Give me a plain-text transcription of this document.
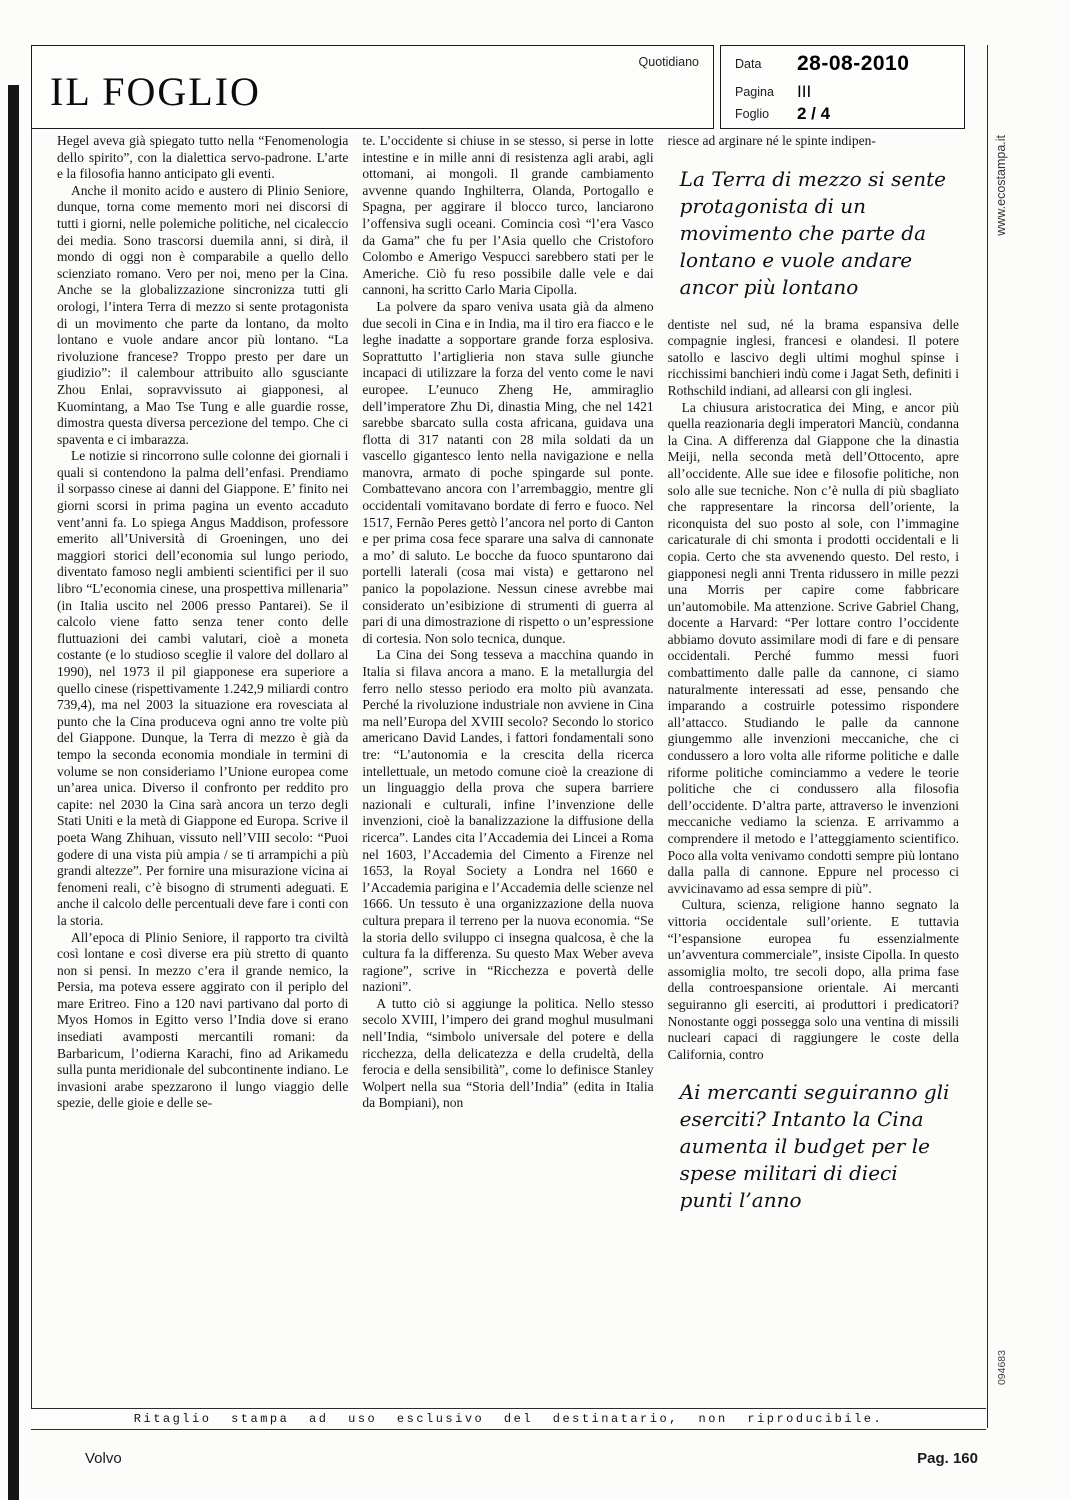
IL FOGLIO
Quotidiano	Data 28-08-2010
Pagina III
Foglio 2 / 4

Hegel aveva già spiegato tutto nella “Fenomenologia dello spirito”, con la dialettica servo-padrone. L’arte e la filosofia hanno anticipato gli eventi.

Anche il monito acido e austero di Plinio Seniore, dunque, torna come memento mori nei discorsi di tutti i giorni, nelle polemiche politiche, nel cicaleccio dei media. Sono trascorsi duemila anni, si dirà, il mondo di oggi non è comparabile a quello dello scienziato romano. Vero per noi, meno per la Cina. Anche se la globalizzazione sincronizza tutti gli orologi, l’intera Terra di mezzo si sente protagonista di un movimento che parte da lontano, da molto lontano e vuole andare ancor più lontano. “La rivoluzione francese? Troppo presto per dare un giudizio”: il calembour attribuito allo sgusciante Zhou Enlai, sopravvissuto ai giapponesi, al Kuomintang, a Mao Tse Tung e alle guardie rosse, dimostra questa diversa percezione del tempo. Che ci spaventa e ci imbarazza.

Le notizie si rincorrono sulle colonne dei giornali i quali si contendono la palma dell’enfasi. Prendiamo il sorpasso cinese ai danni del Giappone. E’ finito nei giorni scorsi in prima pagina un evento accaduto vent’anni fa. Lo spiega Angus Maddison, professore emerito all’Università di Groeningen, uno dei maggiori storici dell’economia sul lungo periodo, diventato famoso negli ambienti scientifici per il suo libro “L’economia cinese, una prospettiva millenaria” (in Italia uscito nel 2006 presso Pantarei). Se il calcolo viene fatto senza tener conto delle fluttuazioni dei cambi valutari, cioè a moneta costante (e lo studioso sceglie il valore del dollaro al 1990), nel 1973 il pil giapponese era superiore a quello cinese (rispettivamente 1.242,9 miliardi contro 739,4), ma nel 2003 la situazione era rovesciata al punto che la Cina produceva ogni anno tre volte più del Giappone. Dunque, la Terra di mezzo è già da tempo la seconda economia mondiale in termini di volume se non consideriamo l’Unione europea come un’area unica. Diverso il confronto per reddito pro capite: nel 2030 la Cina sarà ancora un terzo degli Stati Uniti e la metà di Giappone ed Europa. Scrive il poeta Wang Zhihuan, vissuto nell’VIII secolo: “Puoi godere di una vista più ampia / se ti arrampichi a più grandi altezze”. Per fornire una misurazione vicina ai fenomeni reali, c’è bisogno di strumenti adeguati. E anche il calcolo delle percentuali deve fare i conti con la storia.

All’epoca di Plinio Seniore, il rapporto tra civiltà così lontane e così diverse era più stretto di quanto non si pensi. In mezzo c’era il grande nemico, la Persia, ma poteva essere aggirato con il periplo del mare Eritreo. Fino a 120 navi partivano dal porto di Myos Homos in Egitto verso l’India dove si erano insediati avamposti mercantili romani: da Barbaricum, l’odierna Karachi, fino ad Arikamedu sulla punta meridionale del subcontinente indiano. Le invasioni arabe spezzarono il lungo viaggio delle spezie, delle gioie e delle se-

te. L’occidente si chiuse in se stesso, si perse in lotte intestine e in mille anni di resistenza agli arabi, agli ottomani, ai mongoli. Il grande cambiamento avvenne quando Inghilterra, Olanda, Portogallo e Spagna, per aggirare il blocco turco, lanciarono l’offensiva sugli oceani. Comincia così “l’era Vasco da Gama” che fu per l’Asia quello che Cristoforo Colombo e Amerigo Vespucci sarebbero stati per le Americhe. Ciò fu reso possibile dalle vele e dai cannoni, ha scritto Carlo Maria Cipolla.

La polvere da sparo veniva usata già da almeno due secoli in Cina e in India, ma il tiro era fiacco e le leghe inadatte a sopportare grande forza esplosiva. Soprattutto l’artiglieria non stava sulle giunche incapaci di utilizzare la forza del vento come le navi europee. L’eunuco Zheng He, ammiraglio dell’imperatore Zhu Di, dinastia Ming, che nel 1421 sarebbe sbarcato sulla costa africana, guidava una flotta di 317 natanti con 28 mila soldati da un vascello gigantesco lento nella navigazione e nella manovra, armato di poche spingarde sul ponte. Combattevano ancora con l’arrembaggio, mentre gli occidentali vomitavano bordate di ferro e fuoco. Nel 1517, Fernão Peres gettò l’ancora nel porto di Canton e per prima cosa fece sparare una salva di cannonate a mo’ di saluto. Le bocche da fuoco spuntarono dai portelli laterali (cosa mai vista) e gettarono nel panico la popolazione. Nessun cinese avrebbe mai considerato un’esibizione di strumenti di guerra al pari di una dimostrazione di rispetto o un’espressione di cortesia. Non solo tecnica, dunque.

La Cina dei Song tesseva a macchina quando in Italia si filava ancora a mano. E la metallurgia del ferro nello stesso periodo era molto più avanzata. Perché la rivoluzione industriale non avviene in Cina ma nell’Europa del XVIII secolo? Secondo lo storico americano David Landes, i fattori fondamentali sono tre: “L’autonomia e la crescita della ricerca intellettuale, un metodo comune cioè la creazione di un linguaggio della prova che supera barriere nazionali e culturali, infine l’invenzione delle invenzioni, cioè la banalizzazione la diffusione della ricerca”. Landes cita l’Accademia dei Lincei a Roma nel 1603, l’Accademia del Cimento a Firenze nel 1653, la Royal Society a Londra nel 1660 e l’Accademia parigina e l’Accademia delle scienze nel 1666. Un tessuto è una organizzazione della nuova cultura prepara il terreno per la nuova economia. “Se la storia dello sviluppo ci insegna qualcosa, è che la cultura fa la differenza. Su questo Max Weber aveva ragione”, scrive in “Ricchezza e povertà delle nazioni”.

A tutto ciò si aggiunge la politica. Nello stesso secolo XVIII, l’impero dei grand moghul musulmani nell’India, “simbolo universale del potere e della ricchezza, della delicatezza e della crudeltà, della ferocia e della sensibilità”, come lo definisce Stanley Wolpert nella sua “Storia dell’India” (edita in Italia da Bompiani), non

riesce ad arginare né le spinte indipen-

La Terra di mezzo si sente protagonista di un movimento che parte da lontano e vuole andare ancor più lontano

dentiste nel sud, né la brama espansiva delle compagnie inglesi, francesi e olandesi. Il potere satollo e lascivo degli ultimi moghul spinse i ricchissimi banchieri indù come i Jagat Seth, definiti i Rothschild indiani, ad allearsi con gli inglesi.

La chiusura aristocratica dei Ming, e ancor più quella reazionaria degli imperatori Manciù, condanna la Cina. A differenza dal Giappone che la dinastia Meiji, nella seconda metà dell’Ottocento, apre all’occidente. Alle sue idee e filosofie politiche, non solo alle sue tecniche. Non c’è nulla di più sbagliato che rappresentare la rincorsa dell’oriente, la riconquista del suo posto al sole, con l’immagine caricaturale di chi smonta i prodotti occidentali e li copia. Certo che sta avvenendo questo. Del resto, i giapponesi negli anni Trenta ridussero in mille pezzi una Morris per capire come fabbricare un’automobile. Ma attenzione. Scrive Gabriel Chang, docente a Harvard: “Per lottare contro l’occidente abbiamo dovuto assimilare modi di fare e di pensare occidentali. Perché fummo messi fuori combattimento dalle palle da cannone, ci siamo naturalmente interessati ad esse, pensando che imparando a costruirle potessimo rispondere all’attacco. Studiando le palle da cannone giungemmo alle invenzioni meccaniche, che ci condussero a loro volta alle riforme politiche e dalle riforme politiche cominciammo a vedere le teorie politiche che ci condussero alla filosofia dell’occidente. D’altra parte, attraverso le invenzioni meccaniche vediamo la scienza. E arrivammo a comprendere il metodo e l’atteggiamento scientifico. Poco alla volta venivamo condotti sempre più lontano dalla palla di cannone. Eppure nel processo ci avvicinavamo ad essa sempre di più”.

Cultura, scienza, religione hanno segnato la vittoria occidentale sull’oriente. E tuttavia “l’espansione europea fu essenzialmente un’avventura commerciale”, insiste Cipolla. In questo assomiglia molto, tre secoli dopo, alla prima fase della controespansione orientale. Ai mercanti seguiranno gli eserciti, ai produttori i predicatori? Nonostante oggi possegga solo una ventina di missili nucleari capaci di raggiungere le coste della California, contro

Ai mercanti seguiranno gli eserciti? Intanto la Cina aumenta il budget per le spese militari di dieci punti l’anno
www.ecostampa.it
094683
Ritaglio stampa ad uso esclusivo del destinatario, non riproducibile.
Volvo	Pag. 160
